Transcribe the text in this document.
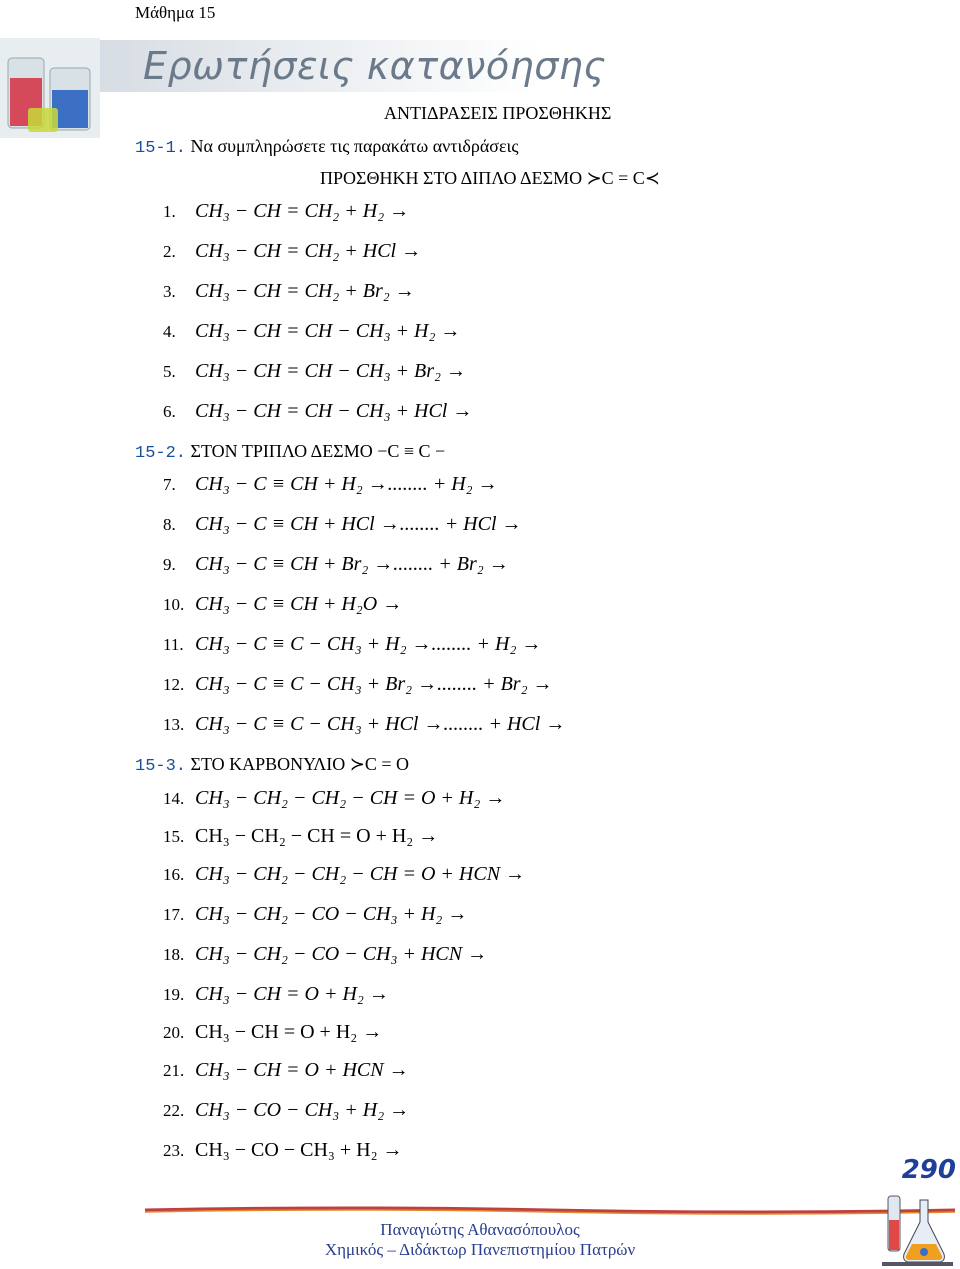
Μάθημα 15
Ερωτήσεις κατανόησης
ΑΝΤΙΔΡΑΣΕΙΣ ΠΡΟΣΘΗΚΗΣ
15-1. Να συμπληρώσετε τις παρακάτω αντιδράσεις
ΠΡΟΣΘΗΚΗ ΣΤΟ ΔΙΠΛΟ ΔΕΣΜΟ ≻C = C≺
15-2. ΣΤΟΝ ΤΡΙΠΛΟ ΔΕΣΜΟ −C ≡ C −
15-3. ΣΤΟ ΚΑΡΒΟΝΥΛΙΟ ≻C = O
1. CH₃ − CH = CH₂ + H₂ →
2. CH₃ − CH = CH₂ + HCl →
3. CH₃ − CH = CH₂ + Br₂ →
4. CH₃ − CH = CH − CH₃ + H₂ →
5. CH₃ − CH = CH − CH₃ + Br₂ →
6. CH₃ − CH = CH − CH₃ + HCl →
7. CH₃ − C ≡ CH + H₂ →........ + H₂ →
8. CH₃ − C ≡ CH + HCl →........ + HCl →
9. CH₃ − C ≡ CH + Br₂ →........ + Br₂ →
10. CH₃ − C ≡ CH + H₂O →
11. CH₃ − C ≡ C − CH₃ + H₂ →........ + H₂ →
12. CH₃ − C ≡ C − CH₃ + Br₂ →........ + Br₂ →
13. CH₃ − C ≡ C − CH₃ + HCl →........ + HCl →
14. CH₃ − CH₂ − CH₂ − CH = O + H₂ →
15. CH₃ − CH₂ − CH = O + H₂ →
16. CH₃ − CH₂ − CH₂ − CH = O + HCN →
17. CH₃ − CH₂ − CO − CH₃ + H₂ →
18. CH₃ − CH₂ − CO − CH₃ + HCN →
19. CH₃ − CH = O + H₂ →
20. CH₃ − CH = O + H₂ →
21. CH₃ − CH = O + HCN →
22. CH₃ − CO − CH₃ + H₂ →
23. CH₃ − CO − CH₃ + H₂ →
290
Παναγιώτης Αθανασόπουλος
Χημικός – Διδάκτωρ Πανεπιστημίου Πατρών
